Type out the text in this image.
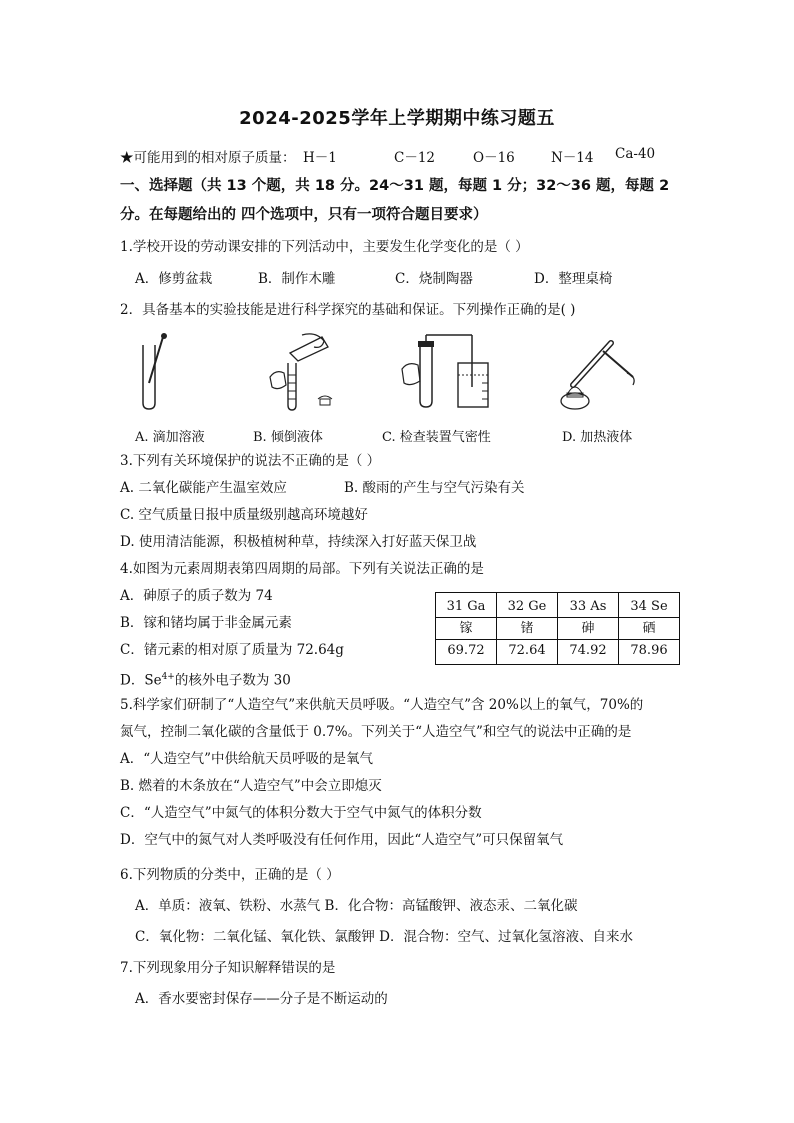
2024-2025学年上学期期中练习题五
★可能用到的相对原子质量： H－1	C－12	O－16	N－14 Ca-40
一、选择题（共 13 个题，共 18 分。24～31 题，每题 1 分；32～36 题，每题 2
分。在每题给出的 四个选项中，只有一项符合题目要求）
1.学校开设的劳动课安排的下列活动中，主要发生化学变化的是（ ）
A．修剪盆栽	B．制作木雕	C．烧制陶器	D．整理桌椅
2．具备基本的实验技能是进行科学探究的基础和保证。下列操作正确的是( )
A. 滴加溶液	B. 倾倒液体	C. 检查装置气密性	D. 加热液体
3.下列有关环境保护的说法不正确的是（ ）
A. 二氧化碳能产生温室效应	B. 酸雨的产生与空气污染有关
C. 空气质量日报中质量级别越高环境越好
D. 使用清洁能源，积极植树种草，持续深入打好蓝天保卫战
4.如图为元素周期表第四周期的局部。下列有关说法正确的是
A．砷原子的质子数为 74
B．镓和锗均属于非金属元素
C．锗元素的相对原了质量为 72.64g
D．$Se^{4+}$的核外电子数为 30
31 Ga	32 Ge	33 As	34 Se
镓	锗	砷	硒
69.72	72.64	74.92	78.96
5.科学家们研制了“人造空气”来供航天员呼吸。“人造空气”含 20%以上的氧气，70%的
氮气，控制二氧化碳的含量低于 0.7%。下列关于“人造空气”和空气的说法中正确的是
A．“人造空气”中供给航天员呼吸的是氧气
B. 燃着的木条放在“人造空气”中会立即熄灭
C．“人造空气”中氮气的体积分数大于空气中氮气的体积分数
D．空气中的氮气对人类呼吸没有任何作用，因此“人造空气”可只保留氧气
6.下列物质的分类中，正确的是（ ）
A．单质：液氧、铁粉、水蒸气 B．化合物：高锰酸钾、液态汞、二氧化碳
C．氧化物：二氧化锰、氧化铁、氯酸钾 D．混合物：空气、过氧化氢溶液、自来水
7.下列现象用分子知识解释错误的是
A．香水要密封保存——分子是不断运动的
